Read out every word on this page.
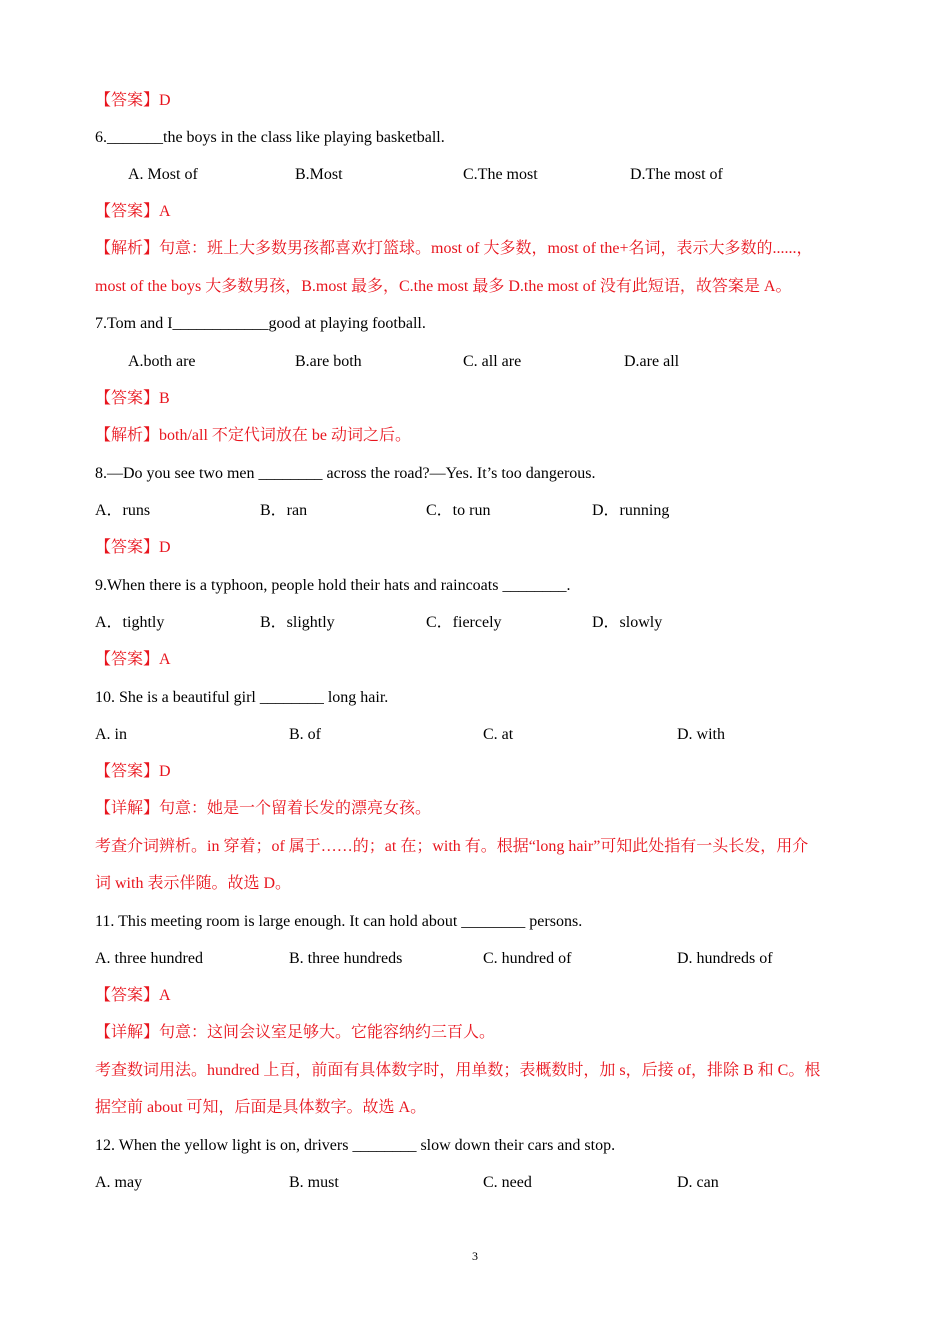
【答案】D
6._______the boys in the class like playing basketball.
A. Most of	B.Most	C.The most	D.The most of
【答案】A
【解析】句意：班上大多数男孩都喜欢打篮球。most of 大多数，most of the+名词，表示大多数的......，
most of the boys 大多数男孩，B.most 最多，C.the most 最多 D.the most of 没有此短语，故答案是 A。
7.Tom and I____________good at playing football.
A.both are	B.are both	C. all are	D.are all
【答案】B
【解析】both/all 不定代词放在 be 动词之后。
8.—Do you see two men ________ across the road?—Yes. It’s too dangerous.
A．runs	B．ran	C．to run	D．running
【答案】D
9.When there is a typhoon, people hold their hats and raincoats ________.
A．tightly	B．slightly	C．fiercely	D．slowly
【答案】A
10. She is a beautiful girl ________ long hair.
A. in	B. of	C. at	D. with
【答案】D
【详解】句意：她是一个留着长发的漂亮女孩。
考查介词辨析。in 穿着；of 属于……的；at 在；with 有。根据“long hair”可知此处指有一头长发，用介
词 with 表示伴随。故选 D。
11. This meeting room is large enough. It can hold about ________ persons.
A. three hundred	B. three hundreds	C. hundred of	D. hundreds of
【答案】A
【详解】句意：这间会议室足够大。它能容纳约三百人。
考查数词用法。hundred 上百，前面有具体数字时，用单数；表概数时，加 s，后接 of，排除 B 和 C。根
据空前 about 可知，后面是具体数字。故选 A。
12. When the yellow light is on, drivers ________ slow down their cars and stop.
A. may	B. must	C. need	D. can
3
